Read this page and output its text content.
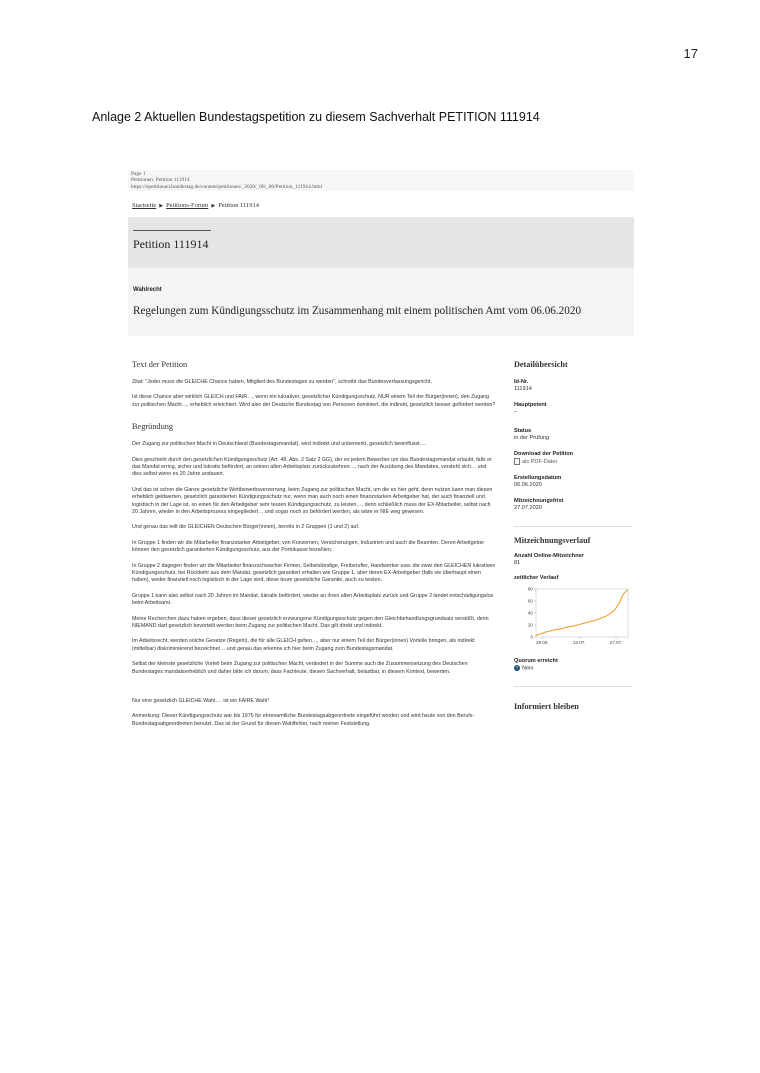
17
Anlage 2 Aktuellen Bundestagspetition zu diesem Sachverhalt PETITION 111914
Page 1
Petitionen: Petition 111914
https://epetitionen.bundestag.de/content/petitionen/_2020/_06/_06/Petition_111914.html
Startseite ▶ Petitions-Forum ▶ Petition 111914
Petition 111914
Wahlrecht
Regelungen zum Kündigungsschutz im Zusammenhang mit einem politischen Amt vom 06.06.2020
Text der Petition

Zitat: "Jeder muss die GLEICHE Chance haben, Mitglied des Bundestages zu werden", schreibt das Bundesverfassungsgericht.

Ist diese Chance aber wirklich GLEICH und FAIR…, wenn ein lukrativer, gesetzlicher Kündigungsschutz, NUR einem Teil der Bürger(innen), den Zugang zur politischen Macht…, erheblich erleichtert. Wird also der Deutsche Bundestag von Personen dominiert, die indirekt, gesetzlich besser gefördert werden?

Begründung

Der Zugang zur politischen Macht in Deutschland (Bundestagsmandat), wird indirekt und unbemerkt, gesetzlich beeinflusst….

Dies geschieht durch den gesetzlichen Kündigungsschutz (Art. 48, Abs. 2 Satz 2 GG), der es jedem Bewerber um das Bundestagsmandat erlaubt, falls er das Mandat erring, sicher und lukrativ befördert, an seinen alten Arbeitsplatz zurückzukehren…, nach der Ausübung des Mandates, versteht sich… und dies selbst wenn es 20 Jahre andauert.

Und das ist schon die Ganze gesetzliche Wettbewerbsverzerrung, beim Zugang zur politischen Macht, um die es hier geht, denn nutzen kann man diesen erheblich geldwerten, gesetzlich garantierten Kündigungsschutz nur, wenn man auch noch einen finanzstarken Arbeitgeber hat, der auch finanziell und logistisch in der Lage ist, so einen für den Arbeitgeber sehr teuren Kündigungsschutz, zu leisten…, denn schließlich muss der EX-Mitarbeiter, selbst nach 20 Jahren, wieder in den Arbeitsprozess eingegliedert… und sogar noch so befördert werden, als wäre er NIE weg gewesen.

Und genau das teilt die GLEICHEN Deutschen Bürger(innen), bereits in 2 Gruppen (1 und 2) auf.

In Gruppe 1 finden wir die Mitarbeiter finanzstarker Arbeitgeber, von Konzernen, Versicherungen, Industrien und auch die Beamten. Deren Arbeitgeber können den gesetzlich garantierten Kündigungsschutz, aus der Portokasse bezahlen.

In Gruppe 2 dagegen finden wir die Mitarbeiter finanzschwacher Firmen, Selbstständige, Freiberufler, Handwerker usw. die zwar den GLEICHEN lukrativen Kündigungsschutz, bei Rückkehr aus dem Mandat, gesetzlich garantiert erhalten wie Gruppe 1, aber deren EX-Arbeitgeber (falls sie überhaupt einen haben), weder finanziell noch logistisch in der Lage sind, diese teure gesetzliche Garantie, auch zu leisten.

Gruppe 1 kann also selbst nach 20 Jahren im Mandat, lukrativ befördert, wieder an ihren alten Arbeitsplatz zurück und Gruppe 2 landet entschädigungslos beim Arbeitsamt.

Meine Recherchen dazu haben ergeben, dass dieser gesetzlich erzwungene Kündigungsschutz gegen den Gleichbehandlungsgrundsatz verstößt, denn NIEMAND darf gesetzlich bevorteilt werden beim Zugang zur politischen Macht. Das gilt direkt und indirekt.

Im Arbeitsrecht, werden solche Gesetze (Regeln), die für alle GLEICH gelten…, aber nur einem Teil der Bürger(innen) Vorteile bringen, als indirekt (mittelbar) diskriminierend bezeichnet… und genau das erkenne ich hier beim Zugang zum Bundestagsmandat.

Selbst der kleinste gesetzliche Vorteil beim Zugang zur politischen Macht, verändert in der Summe auch die Zusammensetzung des Deutschen Bundestages mandatserheblich und daher bitte ich darum, dass Fachleute, diesen Sachverhalt, belastbar, in diesem Kontext, bewerten.

Nur eine gesetzlich GLEICHE Wahl…. ist ein FAIRE Wahl!

Anmerkung: Dieser Kündigungsschutz war bis 1975 für ehrenamtliche Bundestagsabgeordnete eingeführt worden und wird heute von den Berufs-Bundestagsabgeordneten benutzt. Das ist der Grund für diesen Wahlfehler, nach meiner Feststellung.

Detailübersicht
Id-Nr.
111914
Hauptpetent
–
Status
in der Prüfung
Download der Petition
als PDF-Datei
Erstellungsdatum
06.06.2020
Mitzeichnungsfrist
27.07.2020
Mitzeichnungsverlauf
Anzahl Online-Mitzeichner
81
zeitlicher Verlauf
0
20
40
60
80
29.06.	13.07.	27.07.
Quorum erreicht
? Nein
Informiert bleiben
